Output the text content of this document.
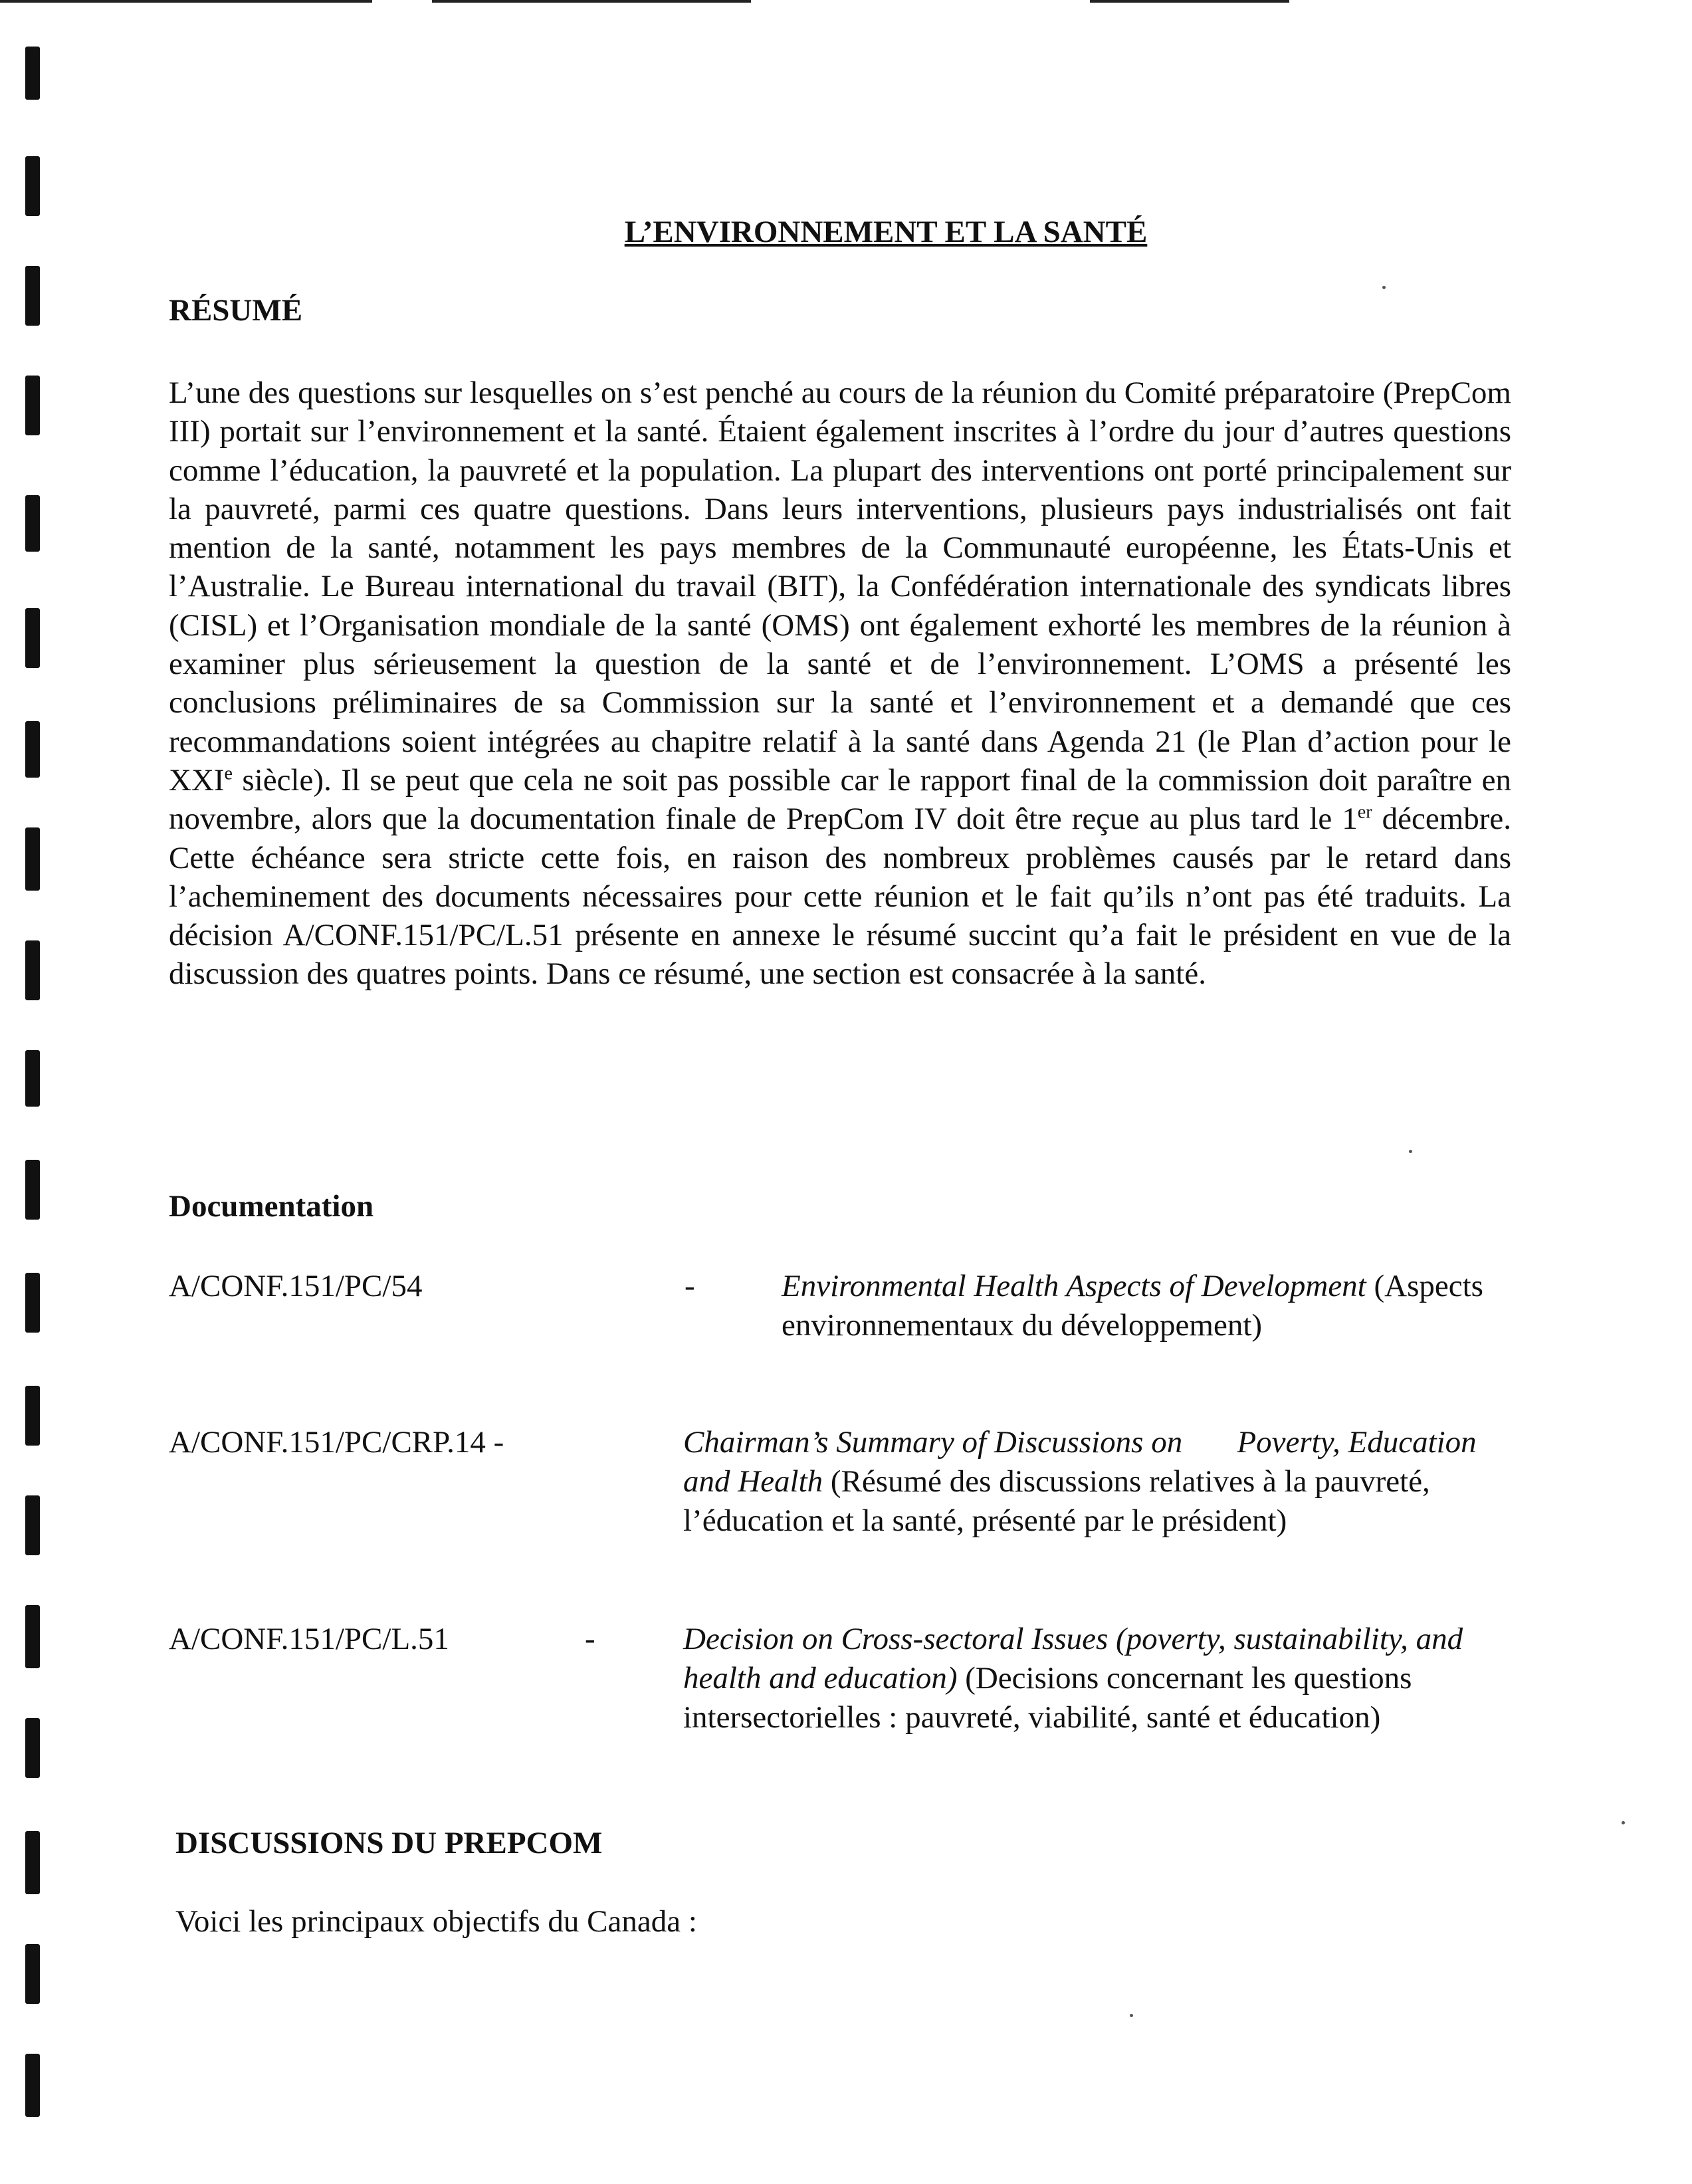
L’ENVIRONNEMENT ET LA SANTÉ
RÉSUMÉ

L’une des questions sur lesquelles on s’est penché au cours de la réunion du Comité préparatoire (PrepCom III) portait sur l’environnement et la santé. Étaient également inscrites à l’ordre du jour d’autres questions comme l’éducation, la pauvreté et la population. La plupart des interventions ont porté principalement sur la pauvreté, parmi ces quatre questions. Dans leurs interventions, plusieurs pays industrialisés ont fait mention de la santé, notamment les pays membres de la Communauté européenne, les États-Unis et l’Australie. Le Bureau international du travail (BIT), la Confédération internationale des syndicats libres (CISL) et l’Organisation mondiale de la santé (OMS) ont également exhorté les membres de la réunion à examiner plus sérieusement la question de la santé et de l’environnement. L’OMS a présenté les conclusions préliminaires de sa Commission sur la santé et l’environnement et a demandé que ces recommandations soient intégrées au chapitre relatif à la santé dans Agenda 21 (le Plan d’action pour le XXIe siècle). Il se peut que cela ne soit pas possible car le rapport final de la commission doit paraître en novembre, alors que la documentation finale de PrepCom IV doit être reçue au plus tard le 1er décembre. Cette échéance sera stricte cette fois, en raison des nombreux problèmes causés par le retard dans l’acheminement des documents nécessaires pour cette réunion et le fait qu’ils n’ont pas été traduits. La décision A/CONF.151/PC/L.51 présente en annexe le résumé succint qu’a fait le président en vue de la discussion des quatres points. Dans ce résumé, une section est consacrée à la santé.

Documentation
A/CONF.151/PC/54	-	Environmental Health Aspects of Development (Aspects environnementaux du développement)
A/CONF.151/PC/CRP.14 -	Chairman’s Summary of Discussions on       Poverty, Education and Health (Résumé des discussions relatives à la pauvreté, l’éducation et la santé, présenté par le président)
A/CONF.151/PC/L.51	-	Decision on Cross-sectoral Issues (poverty, sustainability, and health and education) (Decisions concernant les questions intersectorielles : pauvreté, viabilité, santé et éducation)
DISCUSSIONS DU PREPCOM
Voici les principaux objectifs du Canada :
